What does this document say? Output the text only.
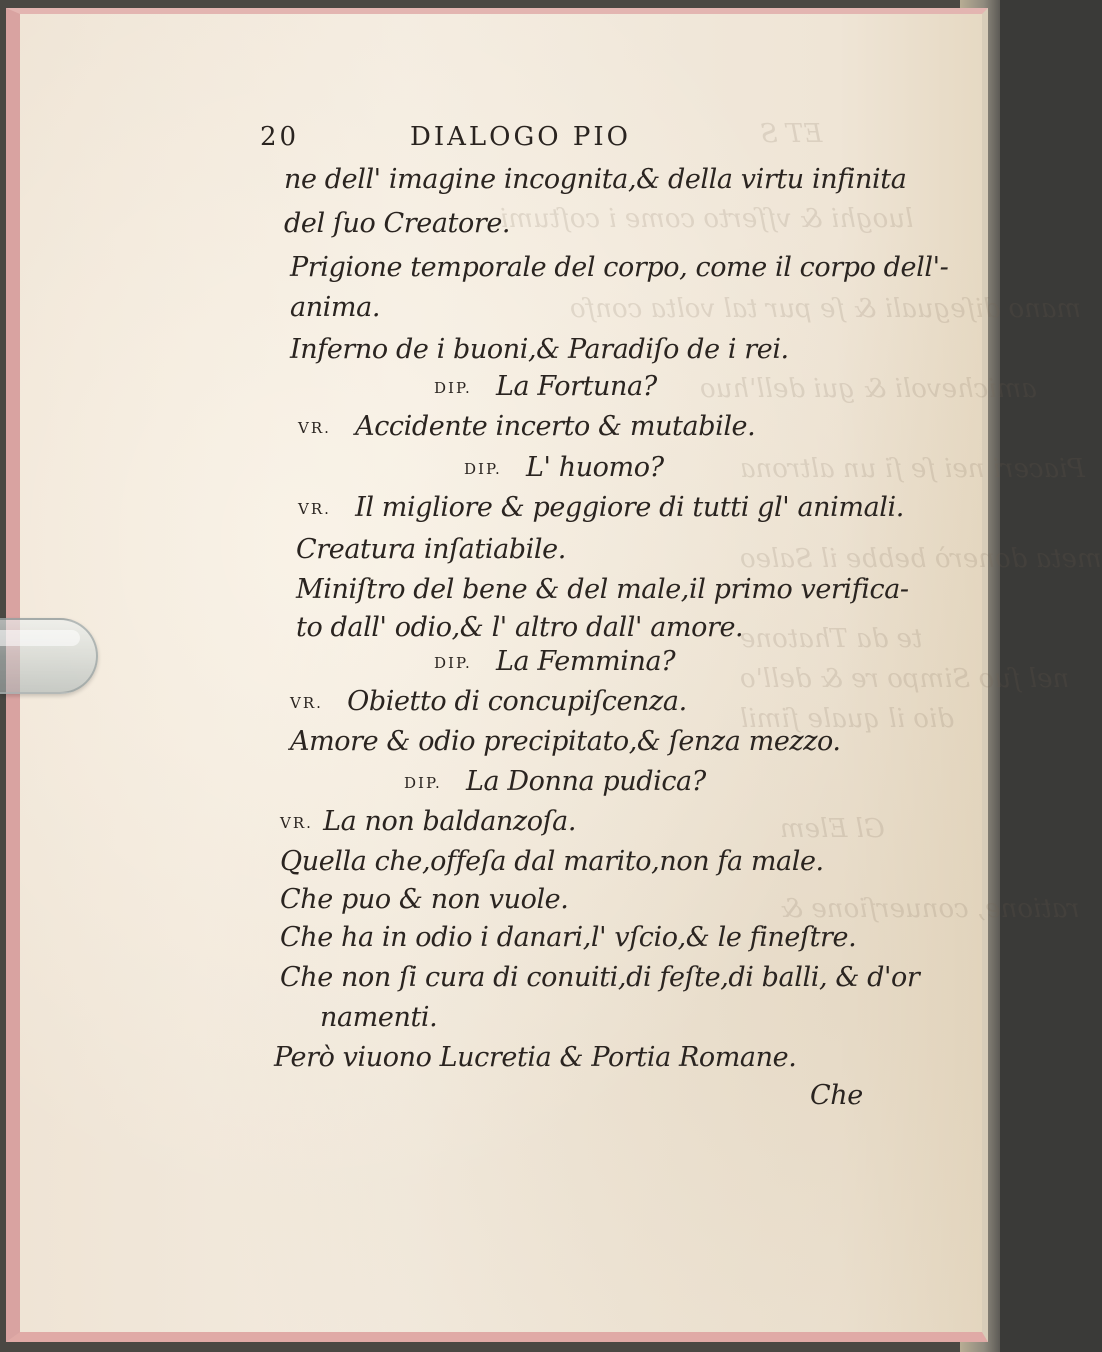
ET S
luoghi & vſſerto come i coſtumi
mano diſeguali & ſe pur tal volta confo
amichevoli & gui dell'huo
Piaceri nei ſe ſi un altrona
meta donerò bebbe il Saleo
te da Thatone
nel ſuo Simpo re & dell'o
dio il quale ſimil
Gl Elem
ratione, conuerſione &
20	DIALOGO PIO
ne dell' imagine incognita,& della virtu infinita
del ſuo Creatore.
Prigione temporale del corpo, come il corpo dell'-
anima.
Inferno de i buoni,& Paradiſo de i rei.
DIP. La Fortuna?
VR. Accidente incerto & mutabile.
DIP. L' huomo?
VR. Il migliore & peggiore di tutti gl' animali.
Creatura inſatiabile.
Miniſtro del bene & del male,il primo verifica-
to dall' odio,& l' altro dall' amore.
DIP. La Femmina?
VR. Obietto di concupiſcenza.
Amore & odio precipitato,& ſenza mezzo.
DIP. La Donna pudica?
VR. La non baldanzoſa.
Quella che,offeſa dal marito,non fa male.
Che puo & non vuole.
Che ha in odio i danari,l' vſcio,& le fineſtre.
Che non ſi cura di conuiti,di feſte,di balli, & d'or
namenti.
Però viuono Lucretia & Portia Romane.
Che
